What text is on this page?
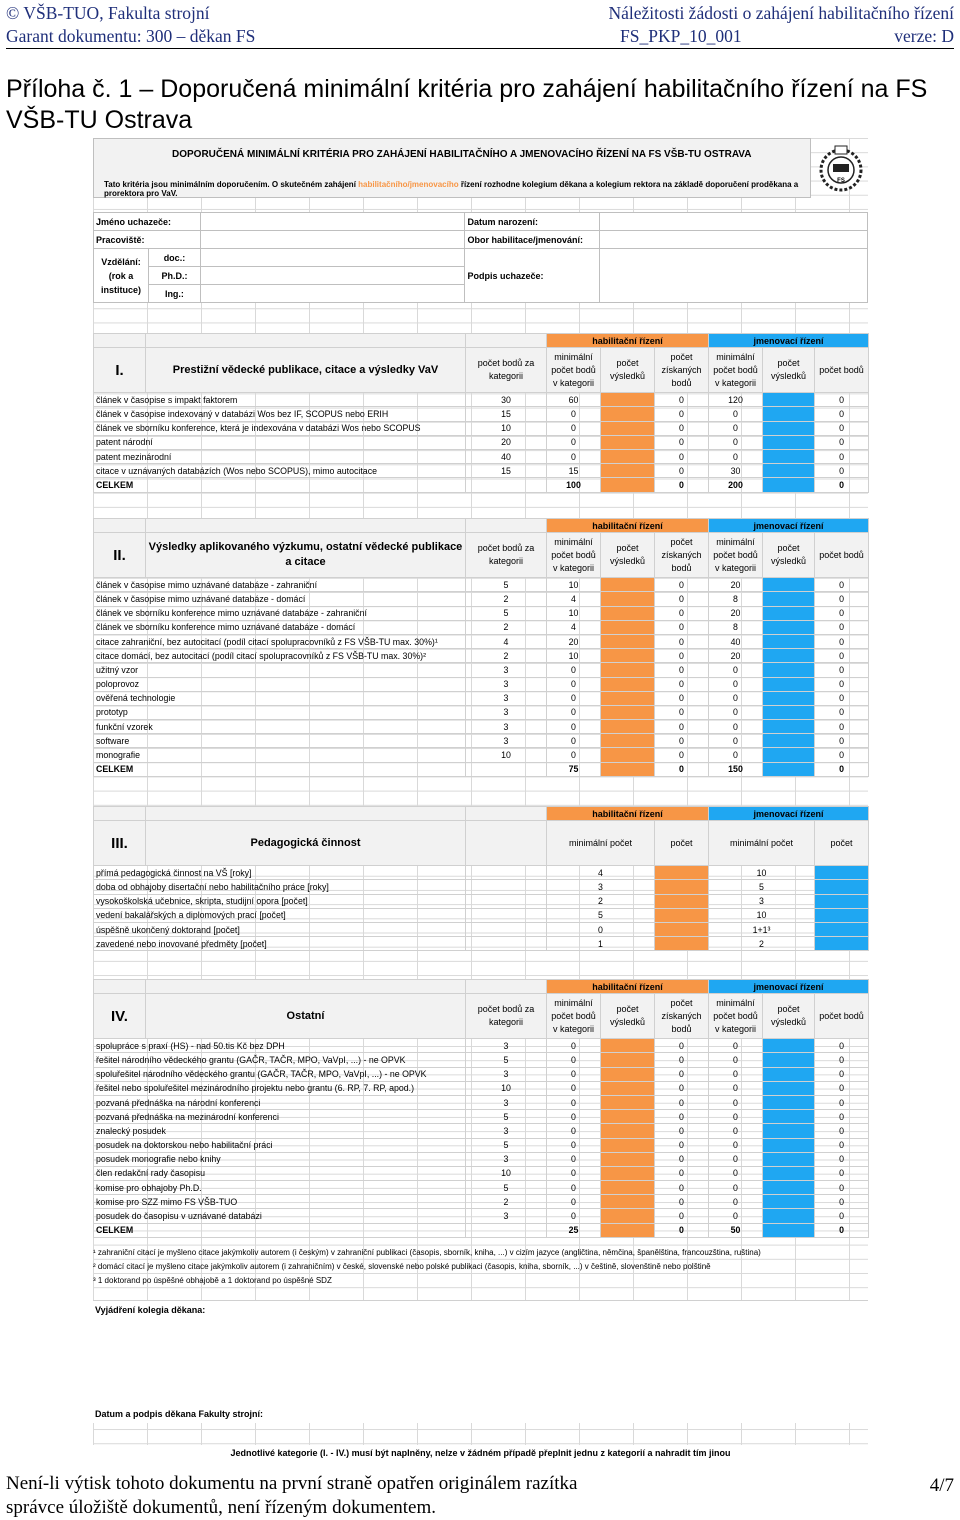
© VŠB-TUO, Fakulta strojní	Náležitosti žádosti o zahájení habilitačního řízení
Garant dokumentu: 300 – děkan FS	FS_PKP_10_001	verze: D
Příloha č. 1 – Doporučená minimální kritéria pro zahájení habilitačního řízení na FS VŠB-TU Ostrava
DOPORUČENÁ MINIMÁLNÍ KRITÉRIA PRO ZAHÁJENÍ HABILITAČNÍHO A JMENOVACÍHO ŘÍZENÍ NA FS VŠB-TU OSTRAVA
Tato kritéria jsou minimálním doporučením. O skutečném zahájení habilitačního/jmenovacího řízení rozhodne kolegium děkana a kolegium rektora na základě doporučení proděkana a prorektora pro VaV.
FS
Jméno uchazeče:			Datum narození:	
Pracoviště:			Obor habilitace/jmenování:	
Vzdělání: (rok a instituce)	doc.:		Podpis uchazeče:	
	Ph.D.:			
	Ing.:			
			habilitační řízení			jmenovací řízení		
I.	Prestižní vědecké publikace, citace a výsledky VaV	počet bodů za kategorii	minimální počet bodů v kategorii	počet výsledků	počet získaných bodů	minimální počet bodů v kategorii	počet výsledků	počet bodů
článek v časopise s impakt faktorem		30	60		0	120		0
článek v časopise indexovaný v databázi Wos bez IF, SCOPUS nebo ERIH		15	0		0	0		0
článek ve sborníku konference, která je indexována v databázi Wos nebo SCOPUS		10	0		0	0		0
patent národní		20	0		0	0		0
patent mezinárodní		40	0		0	0		0
citace v uznávaných databázích (Wos nebo SCOPUS), mimo autocitace		15	15		0	30		0
CELKEM			100		0	200		0
			habilitační řízení			jmenovací řízení		
II.	Výsledky aplikovaného výzkumu, ostatní vědecké publikace a citace	počet bodů za kategorii	minimální počet bodů v kategorii	počet výsledků	počet získaných bodů	minimální počet bodů v kategorii	počet výsledků	počet bodů
článek v časopise mimo uznávané databáze - zahraniční		5	10		0	20		0
článek v časopise mimo uznávané databáze - domácí		2	4		0	8		0
článek ve sborníku konference mimo uznávané databáze - zahraniční		5	10		0	20		0
článek ve sborníku konference mimo uznávané databáze - domácí		2	4		0	8		0
citace zahraniční, bez autocitací (podíl citací spolupracovníků z FS VŠB-TU max. 30%)¹		4	20		0	40		0
citace domácí, bez autocitací (podíl citací spolupracovníků z FS VŠB-TU max. 30%)²		2	10		0	20		0
užitný vzor		3	0		0	0		0
poloprovoz		3	0		0	0		0
ověřená technologie		3	0		0	0		0
prototyp		3	0		0	0		0
funkční vzorek		3	0		0	0		0
software		3	0		0	0		0
monografie		10	0		0	0		0
CELKEM			75		0	150		0
			habilitační řízení		jmenovací řízení	
III.	Pedagogická činnost		minimální počet	počet	minimální počet	počet
přímá pedagogická činnost na VŠ [roky]			4		10	
doba od obhajoby disertační nebo habilitačního práce [roky]			3		5	
vysokoškolská učebnice, skripta, studijní opora [počet]			2		3	
vedení bakalářských a diplomových prací [počet]			5		10	
úspěšně ukončený doktorand [počet]			0		1+1³	
zavedené nebo inovované předměty [počet]			1		2	
			habilitační řízení			jmenovací řízení		
IV.	Ostatní	počet bodů za kategorii	minimální počet bodů v kategorii	počet výsledků	počet získaných bodů	minimální počet bodů v kategorii	počet výsledků	počet bodů
spolupráce s praxí (HS) - nad 50.tis Kč bez DPH		3	0		0	0		0
řešitel národního vědeckého grantu (GAČR, TAČR, MPO, VaVpI, ...) - ne OPVK		5	0		0	0		0
spoluřešitel národního vědeckého grantu (GAČR, TAČR, MPO, VaVpI, ...) - ne OPVK		3	0		0	0		0
řešitel nebo spoluřešitel mezinárodního projektu nebo grantu (6. RP, 7. RP, apod.)		10	0		0	0		0
pozvaná přednáška na národní konferenci		3	0		0	0		0
pozvaná přednáška na mezinárodní konferenci		5	0		0	0		0
znalecký posudek		3	0		0	0		0
posudek na doktorskou nebo habilitační práci		5	0		0	0		0
posudek monografie nebo knihy		3	0		0	0		0
člen redakční rady časopisu		10	0		0	0		0
komise pro obhajoby Ph.D.		5	0		0	0		0
komise pro SZZ mimo FS VŠB-TUO		2	0		0	0		0
posudek do časopisu v uznávané databázi		3	0		0	0		0
CELKEM			25		0	50		0
¹ zahraniční citací je myšleno citace jakýmkoliv autorem (i českým) v zahraniční publikaci (časopis, sborník, kniha, ...) v cizím jazyce (angličtina, němčina, španělština, francouzština, ruština)
² domácí citací je myšleno citace jakýmkoliv autorem (i zahraničním) v české, slovenské nebo polské publikaci (časopis, kniha, sborník, ...) v češtině, slovenštině nebo polštině
³ 1 doktorand po úspěšné obhajobě a 1 doktorand po úspěšné SDZ
Vyjádření kolegia děkana:
Datum a podpis děkana Fakulty strojní:
Jednotlivé kategorie (I. - IV.) musí být naplněny, nelze v žádném případě přeplnit jednu z kategorií a nahradit tím jinou
Není-li výtisk tohoto dokumentu na první straně opatřen originálem razítka
správce úložiště dokumentů, není řízeným dokumentem.
4/7
